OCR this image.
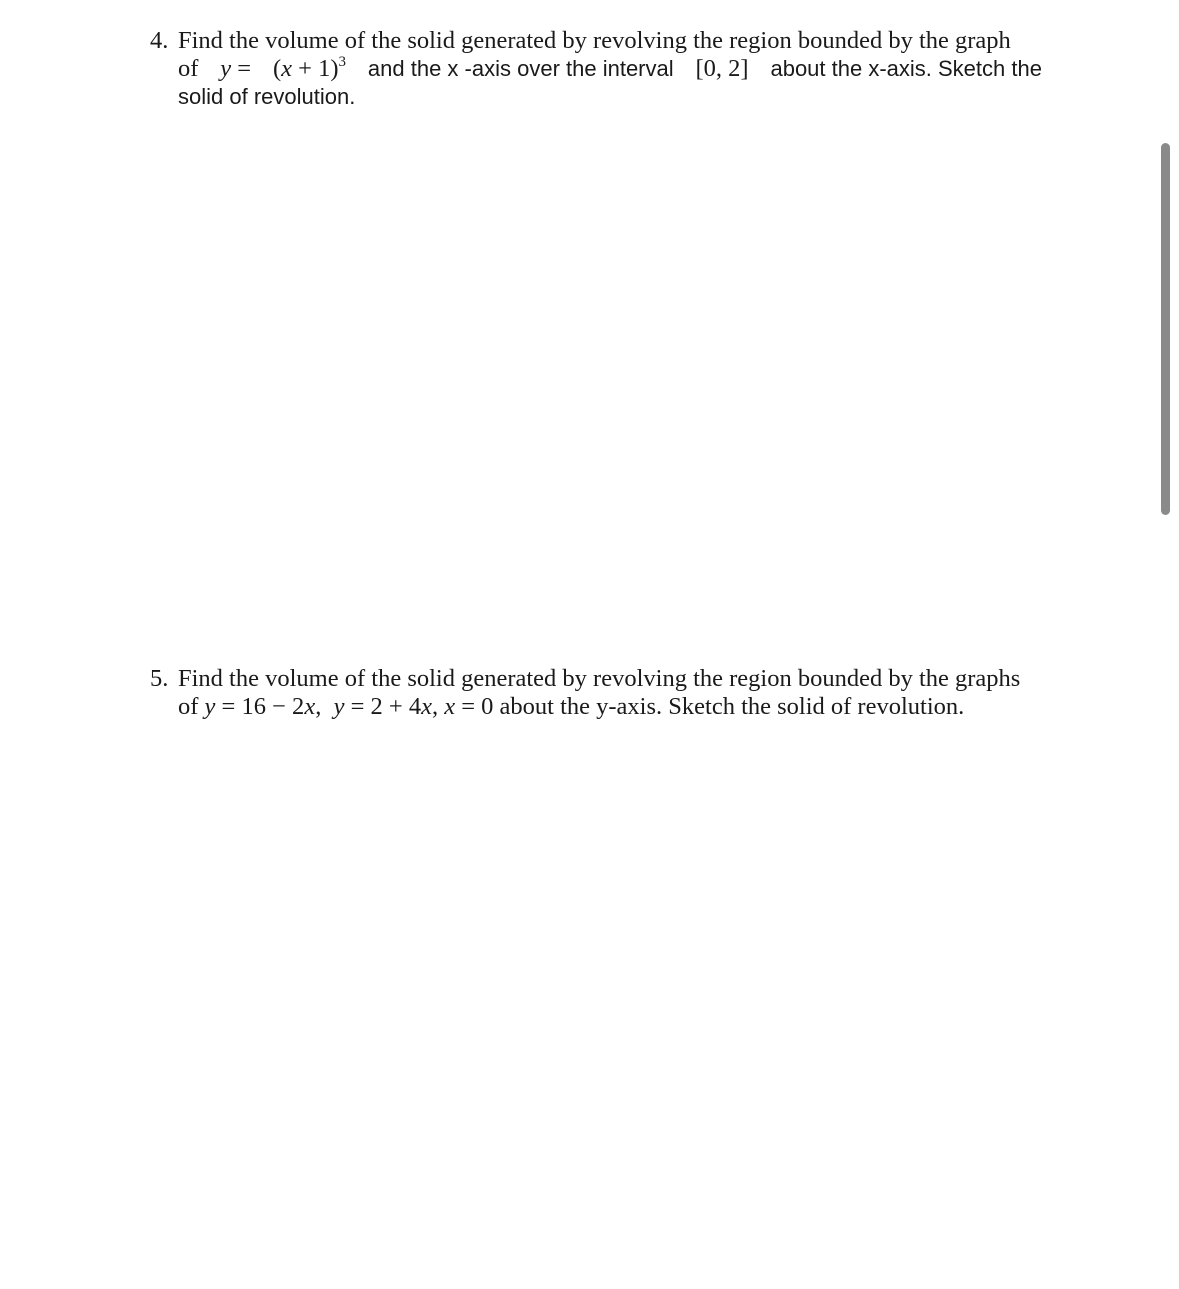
4. Find the volume of the solid generated by revolving the region bounded by the graph
of $y = (x + 1)^3$ and the x -axis over the interval [0, 2] about the x-axis. Sketch the
solid of revolution.
5. Find the volume of the solid generated by revolving the region bounded by the graphs
of y = 16 − 2x, y = 2 + 4x, x = 0 about the y-axis. Sketch the solid of revolution.
